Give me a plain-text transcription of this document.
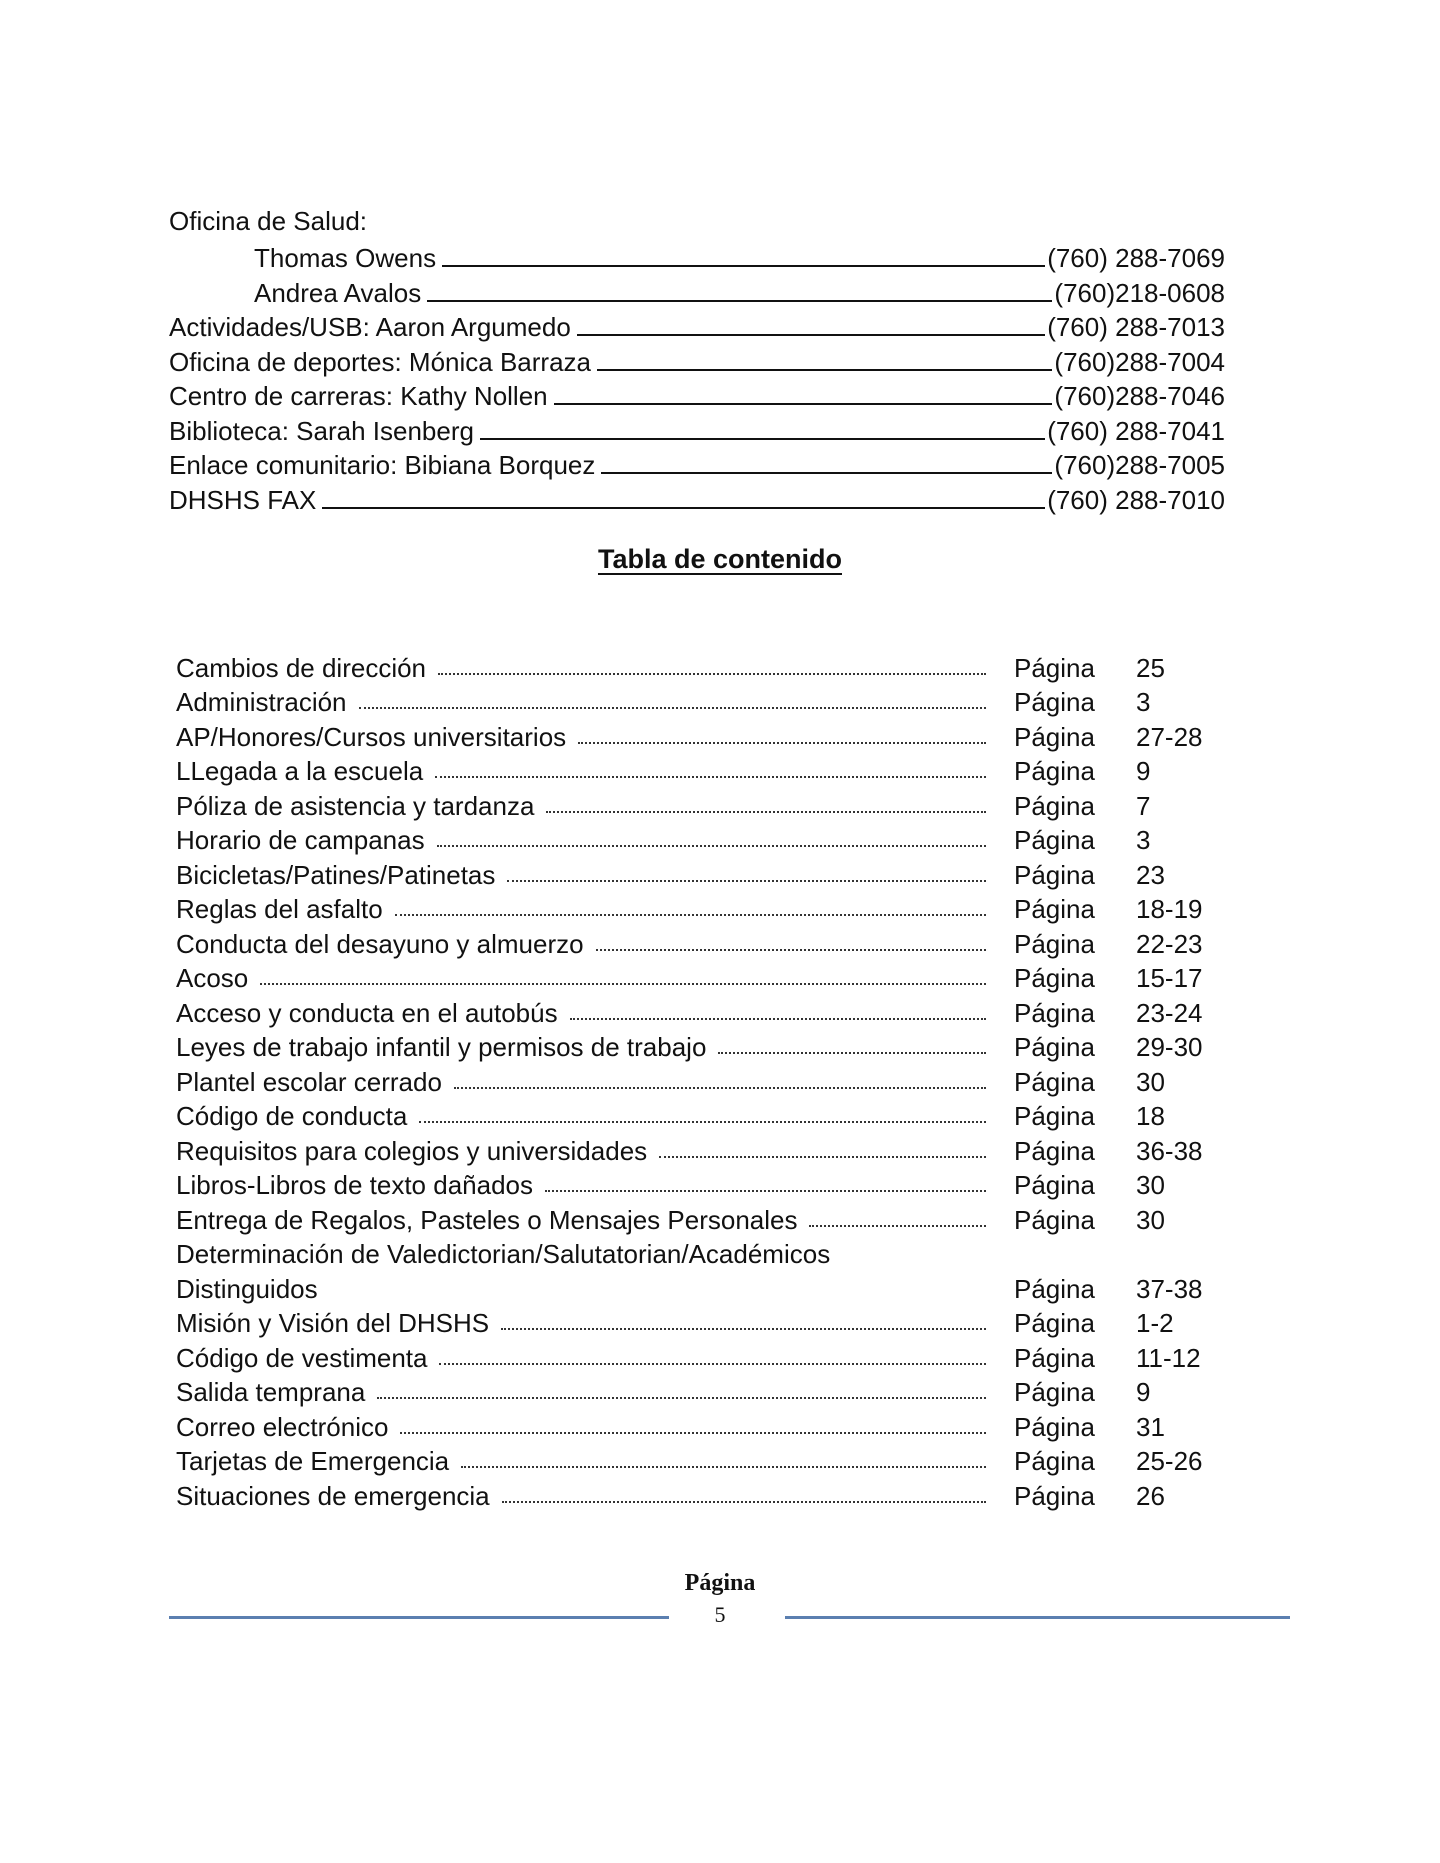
Oficina de Salud:
Thomas Owens	(760) 288-7069
Andrea Avalos	(760)218-0608
Actividades/USB: Aaron Argumedo	(760) 288-7013
Oficina de deportes: Mónica Barraza	(760)288-7004
Centro de carreras: Kathy Nollen	(760)288-7046
Biblioteca: Sarah Isenberg	(760) 288-7041
Enlace comunitario: Bibiana Borquez	(760)288-7005
DHSHS FAX	(760) 288-7010
Tabla de contenido
Cambios de dirección	Página	25
Administración	Página	3
AP/Honores/Cursos universitarios	Página	27-28
LLegada a la escuela	Página	9
Póliza de asistencia y tardanza	Página	7
Horario de campanas	Página	3
Bicicletas/Patines/Patinetas	Página	23
Reglas del asfalto	Página	18-19
Conducta del desayuno y almuerzo	Página	22-23
Acoso	Página	15-17
Acceso y conducta en el autobús	Página	23-24
Leyes de trabajo infantil y permisos de trabajo	Página	29-30
Plantel escolar cerrado	Página	30
Código de conducta	Página	18
Requisitos para colegios y universidades	Página	36-38
Libros-Libros de texto dañados	Página	30
Entrega de Regalos, Pasteles o Mensajes Personales	Página	30
Determinación de Valedictorian/Salutatorian/Académicos
Distinguidos	Página	37-38
Misión y Visión del DHSHS	Página	1-2
Código de vestimenta	Página	11-12
Salida temprana	Página	9
Correo electrónico	Página	31
Tarjetas de Emergencia	Página	25-26
Situaciones de emergencia	Página	26
Página
5
